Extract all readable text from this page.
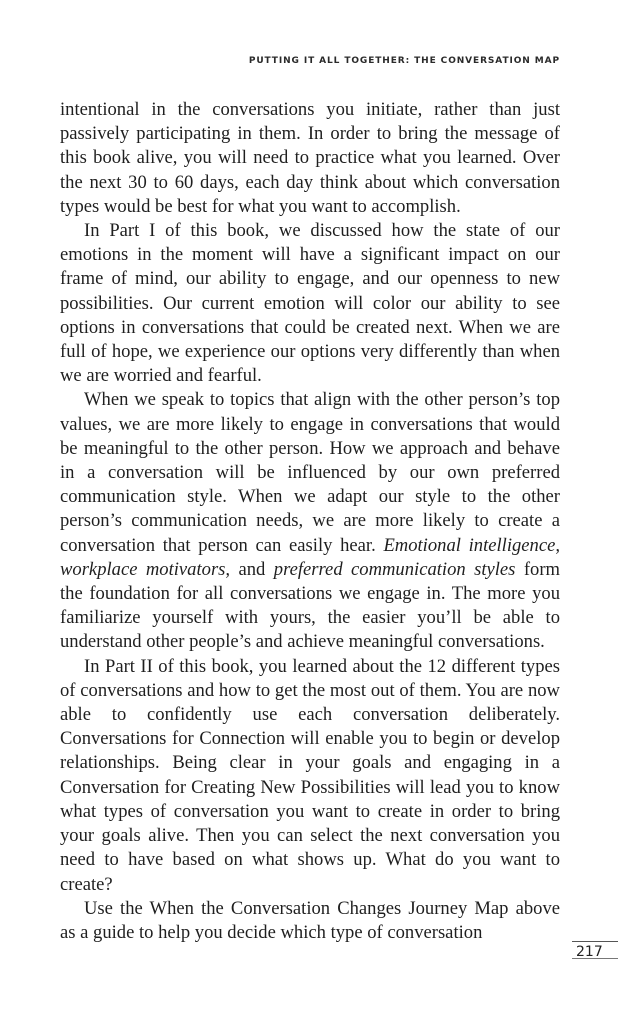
PUTTING IT ALL TOGETHER: THE CONVERSATION MAP

intentional in the conversations you initiate, rather than just passively participating in them. In order to bring the message of this book alive, you will need to practice what you learned. Over the next 30 to 60 days, each day think about which conversation types would be best for what you want to accomplish.

In Part I of this book, we discussed how the state of our emotions in the moment will have a significant impact on our frame of mind, our ability to engage, and our openness to new possibilities. Our current emotion will color our ability to see options in conversations that could be created next. When we are full of hope, we experience our options very differently than when we are worried and fearful.

When we speak to topics that align with the other person’s top values, we are more likely to engage in conversations that would be meaningful to the other person. How we approach and behave in a conversation will be influenced by our own preferred communication style. When we adapt our style to the other person’s communication needs, we are more likely to create a conversation that person can easily hear. Emotional intelligence, workplace motivators, and preferred communication styles form the foundation for all conversations we engage in. The more you familiarize yourself with yours, the easier you’ll be able to understand other people’s and achieve meaningful conversations.

In Part II of this book, you learned about the 12 different types of conversations and how to get the most out of them. You are now able to confidently use each conversation deliberately. Conversations for Connection will enable you to begin or develop relationships. Being clear in your goals and engaging in a Conversation for Creating New Possibilities will lead you to know what types of conversation you want to create in order to bring your goals alive. Then you can select the next conversation you need to have based on what shows up. What do you want to create?

Use the When the Conversation Changes Journey Map above as a guide to help you decide which type of conversation

217
